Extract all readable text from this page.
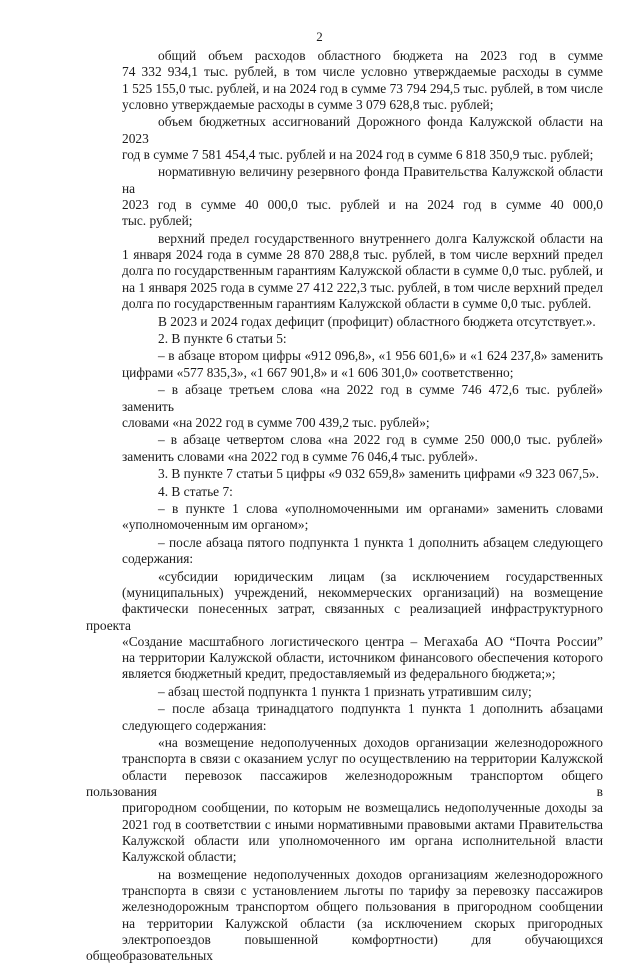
2
общий объем расходов областного бюджета на 2023 год в сумме
74 332 934,1 тыс. рублей, в том числе условно утверждаемые расходы в сумме
1 525 155,0 тыс. рублей, и на 2024 год в сумме 73 794 294,5 тыс. рублей, в том числе
условно утверждаемые расходы в сумме 3 079 628,8 тыс. рублей;
объем бюджетных ассигнований Дорожного фонда Калужской области на 2023
год в сумме 7 581 454,4 тыс. рублей и на 2024 год в сумме 6 818 350,9 тыс. рублей;
нормативную величину резервного фонда Правительства Калужской области на
2023 год в сумме 40 000,0 тыс. рублей и на 2024 год в сумме 40 000,0
тыс. рублей;
верхний предел государственного внутреннего долга Калужской области на
1 января 2024 года в сумме 28 870 288,8 тыс. рублей, в том числе верхний предел
долга по государственным гарантиям Калужской области в сумме 0,0 тыс. рублей, и
на 1 января 2025 года в сумме 27 412 222,3 тыс. рублей, в том числе верхний предел
долга по государственным гарантиям Калужской области в сумме 0,0 тыс. рублей.
В 2023 и 2024 годах дефицит (профицит) областного бюджета отсутствует.».
2. В пункте 6 статьи 5:
– в абзаце втором цифры «912 096,8», «1 956 601,6» и «1 624 237,8» заменить
цифрами «577 835,3», «1 667 901,8» и «1 606 301,0» соответственно;
– в абзаце третьем слова «на 2022 год в сумме 746 472,6 тыс. рублей» заменить
словами «на 2022 год в сумме 700 439,2 тыс. рублей»;
– в абзаце четвертом слова «на 2022 год в сумме 250 000,0 тыс. рублей»
заменить словами «на 2022 год в сумме 76 046,4 тыс. рублей».
3. В пункте 7 статьи 5 цифры «9 032 659,8» заменить цифрами «9 323 067,5».
4. В статье 7:
– в пункте 1 слова «уполномоченными им органами» заменить словами
«уполномоченным им органом»;
– после абзаца пятого подпункта 1 пункта 1 дополнить абзацем следующего
содержания:
«субсидии юридическим лицам (за исключением государственных
(муниципальных) учреждений, некоммерческих организаций) на возмещение
фактически понесенных затрат, связанных с реализацией инфраструктурного проекта
«Создание масштабного логистического центра – Мегахаба АО “Почта России”
на территории Калужской области, источником финансового обеспечения которого
является бюджетный кредит, предоставляемый из федерального бюджета;»;
– абзац шестой подпункта 1 пункта 1 признать утратившим силу;
– после абзаца тринадцатого подпункта 1 пункта 1 дополнить абзацами
следующего содержания:
«на возмещение недополученных доходов организации железнодорожного
транспорта в связи с оказанием услуг по осуществлению на территории Калужской
области перевозок пассажиров железнодорожным транспортом общего пользования в
пригородном сообщении, по которым не возмещались недополученные доходы за
2021 год в соответствии с иными нормативными правовыми актами Правительства
Калужской области или уполномоченного им органа исполнительной власти
Калужской области;
на возмещение недополученных доходов организациям железнодорожного
транспорта в связи с установлением льготы по тарифу за перевозку пассажиров
железнодорожным транспортом общего пользования в пригородном сообщении
на территории Калужской области (за исключением скорых пригородных
электропоездов повышенной комфортности) для обучающихся общеобразовательных
